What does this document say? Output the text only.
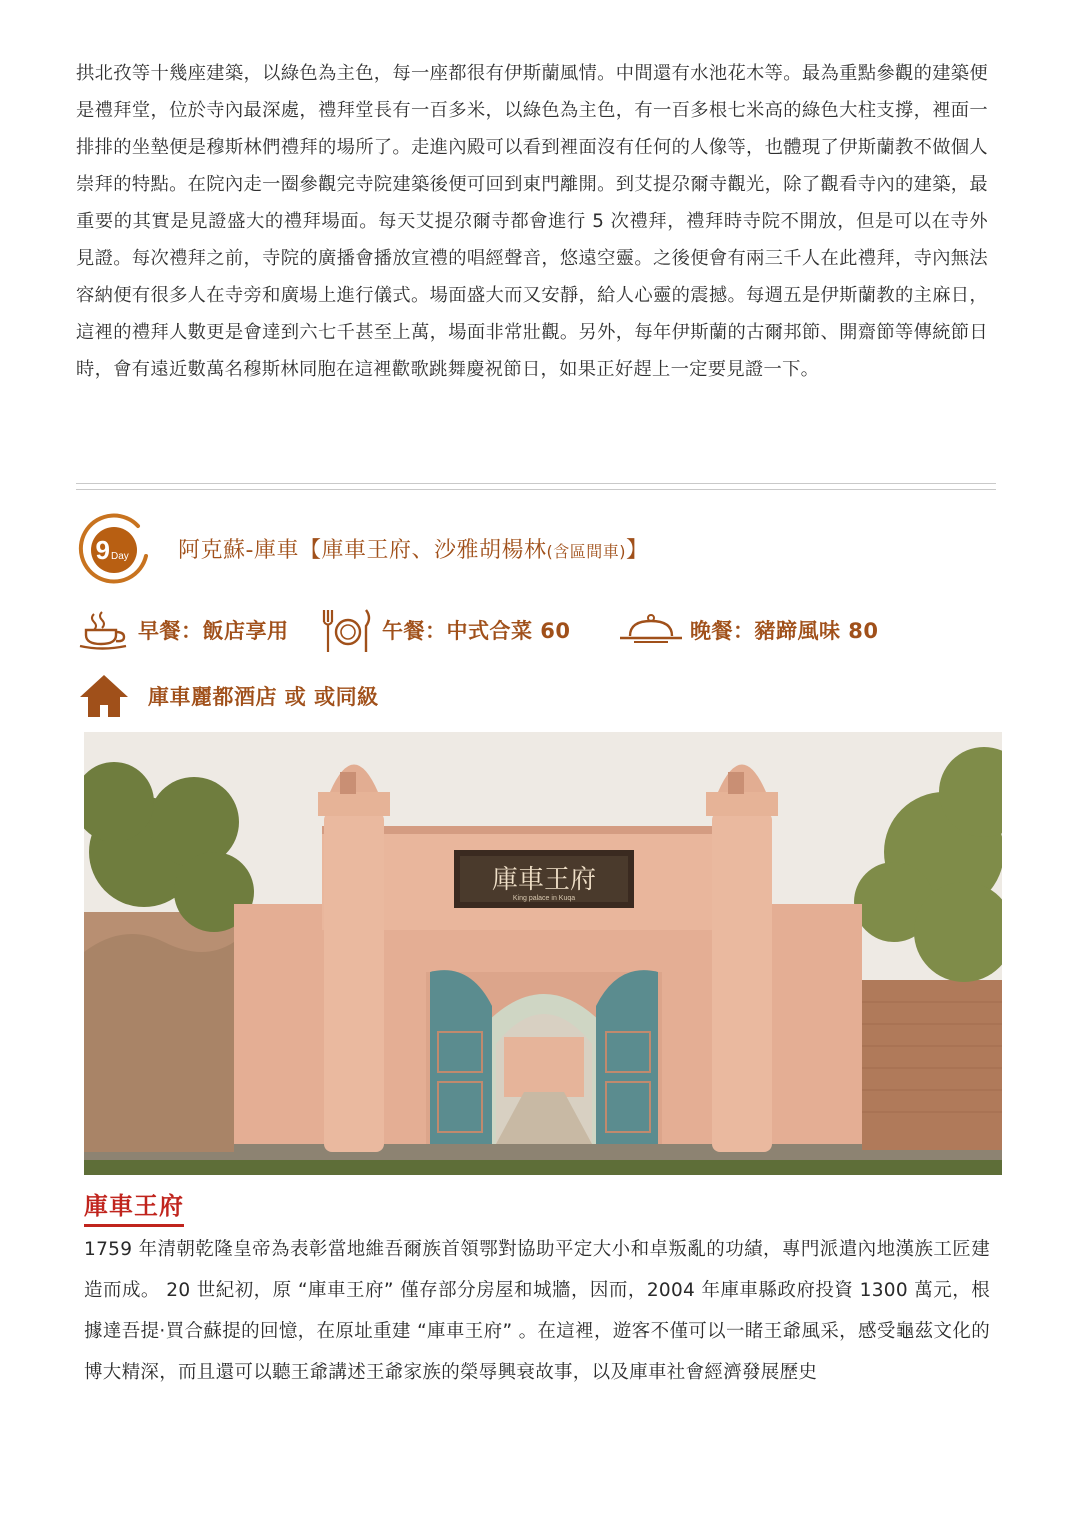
拱北孜等十幾座建築，以綠色為主色，每一座都很有伊斯蘭風情。中間還有水池花木等。最為重點參觀的建築便是禮拜堂，位於寺內最深處，禮拜堂長有一百多米，以綠色為主色，有一百多根七米高的綠色大柱支撐，裡面一排排的坐墊便是穆斯林們禮拜的場所了。走進內殿可以看到裡面沒有任何的人像等，也體現了伊斯蘭教不做個人崇拜的特點。在院內走一圈參觀完寺院建築後便可回到東門離開。到艾提尕爾寺觀光，除了觀看寺內的建築，最重要的其實是見證盛大的禮拜場面。每天艾提尕爾寺都會進行 5 次禮拜，禮拜時寺院不開放，但是可以在寺外見證。每次禮拜之前，寺院的廣播會播放宣禮的唱經聲音，悠遠空靈。之後便會有兩三千人在此禮拜，寺內無法容納便有很多人在寺旁和廣場上進行儀式。場面盛大而又安靜，給人心靈的震撼。每週五是伊斯蘭教的主麻日，這裡的禮拜人數更是會達到六七千甚至上萬，場面非常壯觀。另外，每年伊斯蘭的古爾邦節、開齋節等傳統節日時，會有遠近數萬名穆斯林同胞在這裡歡歌跳舞慶祝節日，如果正好趕上一定要見證一下。

9 Day 阿克蘇-庫車【庫車王府、沙雅胡楊林(含區間車)】
早餐：飯店享用	午餐：中式合菜 60	晚餐：豬蹄風味 80
庫車麗都酒店 或 或同級
庫車王府
King palace in Kuqa
庫車王府

1759 年清朝乾隆皇帝為表彰當地維吾爾族首領鄂對協助平定大小和卓叛亂的功績，專門派遣內地漢族工匠建造而成。 20 世紀初，原 “庫車王府” 僅存部分房屋和城牆，因而，2004 年庫車縣政府投資 1300 萬元，根據達吾提·買合蘇提的回憶，在原址重建 “庫車王府” 。在這裡，遊客不僅可以一睹王爺風采，感受龜茲文化的博大精深，而且還可以聽王爺講述王爺家族的榮辱興衰故事，以及庫車社會經濟發展歷史
